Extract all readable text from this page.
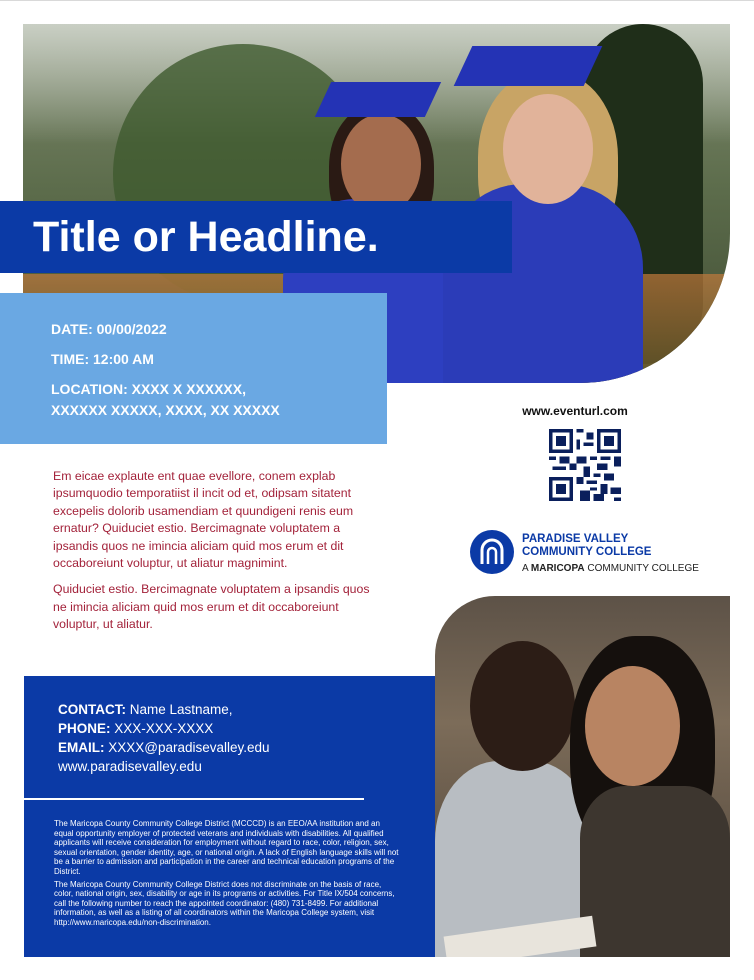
Title or Headline.
DATE: 00/00/2022
TIME: 12:00 AM
LOCATION: XXXX X XXXXXX,
XXXXXX XXXXX, XXXX, XX XXXXX

Em eicae explaute ent quae evellore, conem explab ipsumquodio temporatiist il incit od et, odipsam sitatent excepelis dolorib usamendiam et quundigeni renis eum ernatur? Quiduciet estio. Bercimagnate voluptatem a ipsandis quos ne imincia aliciam quid mos erum et dit occaboreiunt voluptur, ut aliatur magnimint.

Quiduciet estio. Bercimagnate voluptatem a ipsandis quos ne imincia aliciam quid mos erum et dit occaboreiunt voluptur, ut aliatur.

www.eventurl.com
PARADISE VALLEY
COMMUNITY COLLEGE
A MARICOPA COMMUNITY COLLEGE
CONTACT: Name Lastname,
PHONE: XXX-XXX-XXXX
EMAIL: XXXX@paradisevalley.edu
www.paradisevalley.edu

The Maricopa County Community College District (MCCCD) is an EEO/AA institution and an equal opportunity employer of protected veterans and individuals with disabilities. All qualified applicants will receive consideration for employment without regard to race, color, religion, sex, sexual orientation, gender identity, age, or national origin. A lack of English language skills will not be a barrier to admission and participation in the career and technical education programs of the District.

The Maricopa County Community College District does not discriminate on the basis of race, color, national origin, sex, disability or age in its programs or activities. For Title IX/504 concerns, call the following number to reach the appointed coordinator: (480) 731-8499. For additional information, as well as a listing of all coordinators within the Maricopa College system, visit http://www.maricopa.edu/non-discrimination.
